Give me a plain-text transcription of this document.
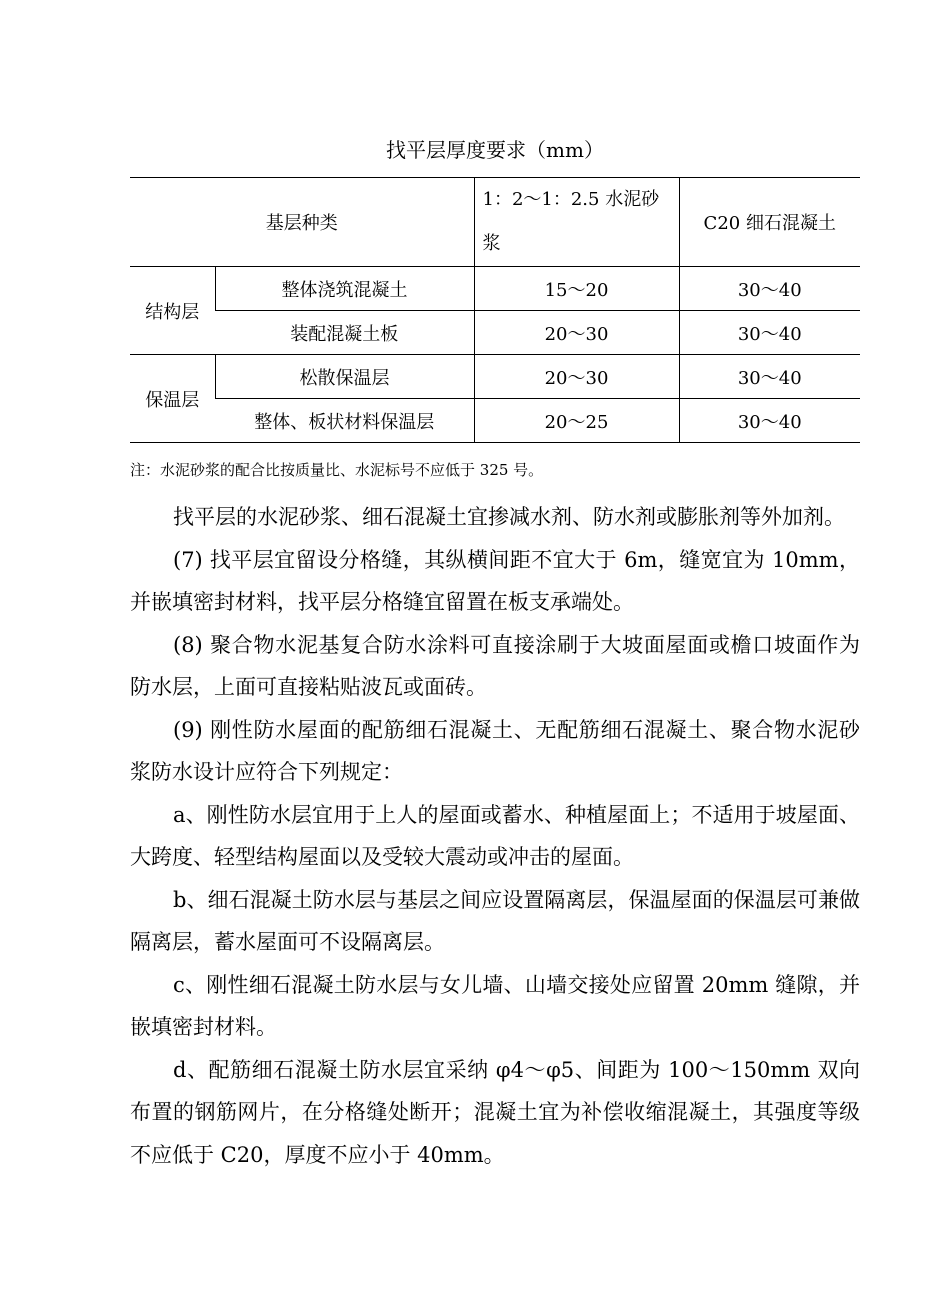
找平层厚度要求（mm）
基层种类		1：2～1：2.5 水泥砂浆	C20 细石混凝土
结构层	整体浇筑混凝土	15～20	30～40
	装配混凝土板	20～30	30～40
保温层	松散保温层	20～30	30～40
	整体、板状材料保温层	20～25	30～40
注：水泥砂浆的配合比按质量比、水泥标号不应低于 325 号。

找平层的水泥砂浆、细石混凝土宜掺减水剂、防水剂或膨胀剂等外加剂。

(7) 找平层宜留设分格缝，其纵横间距不宜大于 6m，缝宽宜为 10mm，并嵌填密封材料，找平层分格缝宜留置在板支承端处。

(8) 聚合物水泥基复合防水涂料可直接涂刷于大坡面屋面或檐口坡面作为防水层，上面可直接粘贴波瓦或面砖。

(9) 刚性防水屋面的配筋细石混凝土、无配筋细石混凝土、聚合物水泥砂浆防水设计应符合下列规定：

a、刚性防水层宜用于上人的屋面或蓄水、种植屋面上；不适用于坡屋面、大跨度、轻型结构屋面以及受较大震动或冲击的屋面。

b、细石混凝土防水层与基层之间应设置隔离层，保温屋面的保温层可兼做隔离层，蓄水屋面可不设隔离层。

c、刚性细石混凝土防水层与女儿墙、山墙交接处应留置 20mm 缝隙，并嵌填密封材料。

d、配筋细石混凝土防水层宜采纳 φ4～φ5、间距为 100～150mm 双向布置的钢筋网片，在分格缝处断开；混凝土宜为补偿收缩混凝土，其强度等级不应低于 C20，厚度不应小于 40mm。
